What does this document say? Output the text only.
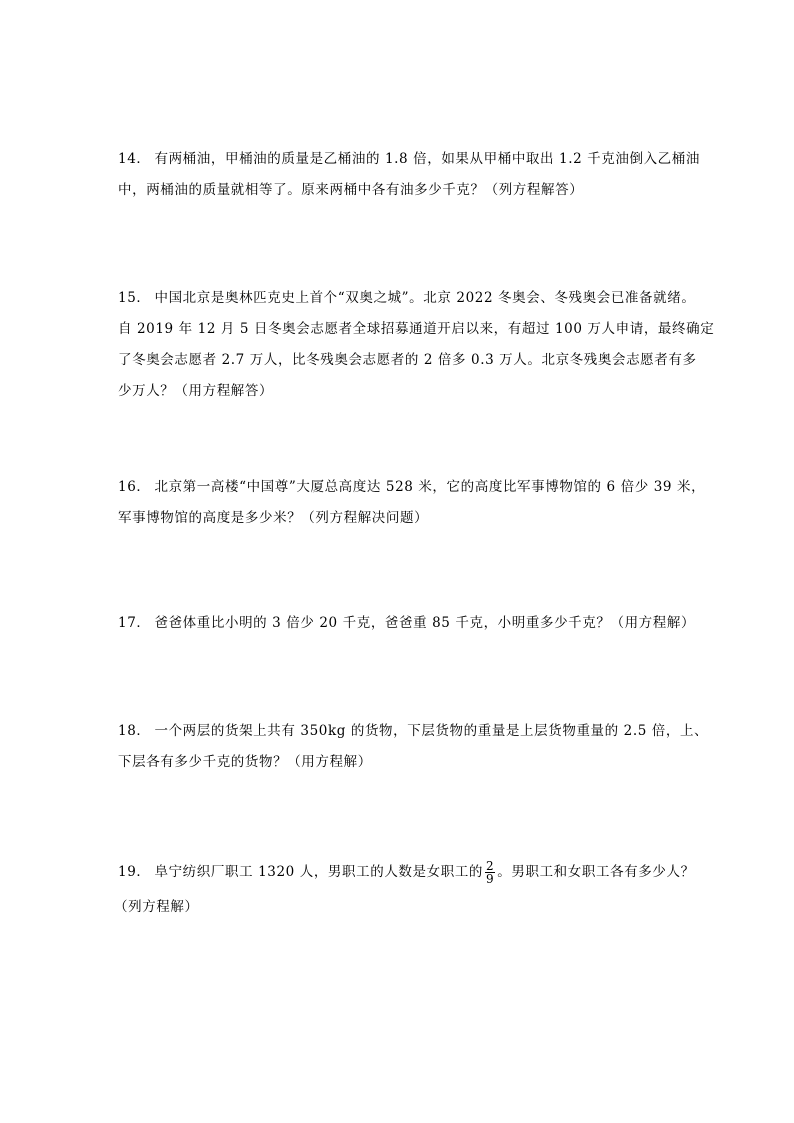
14． 有两桶油，甲桶油的质量是乙桶油的 1.8 倍，如果从甲桶中取出 1.2 千克油倒入乙桶油

中，两桶油的质量就相等了。原来两桶中各有油多少千克？（列方程解答）

15． 中国北京是奥林匹克史上首个“双奥之城”。北京 2022 冬奥会、冬残奥会已准备就绪。

自 2019 年 12 月 5 日冬奥会志愿者全球招募通道开启以来，有超过 100 万人申请，最终确定

了冬奥会志愿者 2.7 万人，比冬残奥会志愿者的 2 倍多 0.3 万人。北京冬残奥会志愿者有多

少万人？（用方程解答）

16． 北京第一高楼“中国尊”大厦总高度达 528 米，它的高度比军事博物馆的 6 倍少 39 米，

军事博物馆的高度是多少米？（列方程解决问题）

17． 爸爸体重比小明的 3 倍少 20 千克，爸爸重 85 千克，小明重多少千克？（用方程解）

18． 一个两层的货架上共有 350kg 的货物，下层货物的重量是上层货物重量的 2.5 倍，上、

下层各有多少千克的货物？（用方程解）

19． 阜宁纺织厂职工 1320 人，男职工的人数是女职工的 $\frac{2}{9}$ 。男职工和女职工各有多少人？

（列方程解）
